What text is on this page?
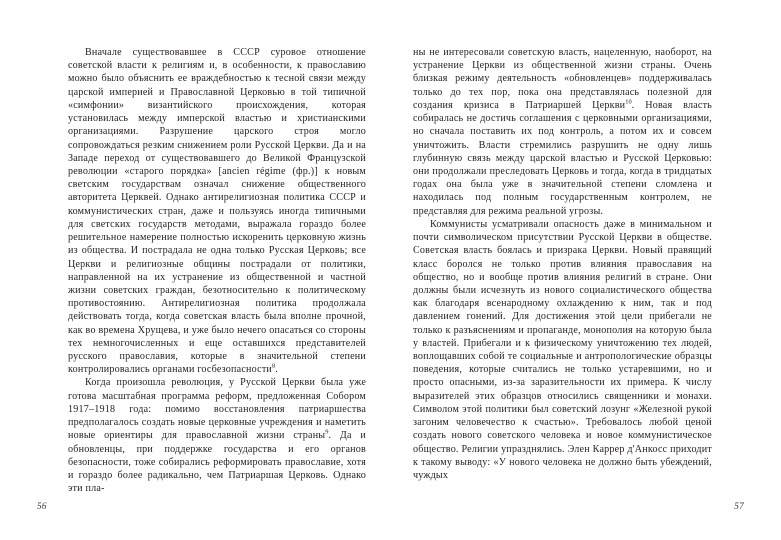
Вначале существовавшее в СССР суровое отношение советской власти к религиям и, в особенности, к православию можно было объяснить ее враждебностью к тесной связи между царской империей и Православной Церковью в той типичной «симфонии» византийского происхождения, которая установилась между имперской властью и христианскими организациями. Разрушение царского строя могло сопровождаться резким снижением роли Русской Церкви. Да и на Западе переход от существовавшего до Великой Французской революции «старого порядка» [ancien régime (фр.)] к новым светским государствам означал снижение общественного авторитета Церквей. Однако антирелигиозная политика СССР и коммунистических стран, даже и пользуясь иногда типичными для светских государств методами, выражала гораздо более решительное намерение полностью искоренить церковную жизнь из общества. И пострадала не одна только Русская Церковь; все Церкви и религиозные общины пострадали от политики, направленной на их устранение из общественной и частной жизни советских граждан, безотносительно к политическому противостоянию. Антирелигиозная политика продолжала действовать тогда, когда советская власть была вполне прочной, как во времена Хрущева, и уже было нечего опасаться со стороны тех немногочисленных и еще оставшихся представителей русского православия, которые в значительной степени контролировались органами госбезопасности$^8$.

Когда произошла революция, у Русской Церкви была уже готова масштабная программа реформ, предложенная Собором 1917–1918 года: помимо восстановления патриаршества предполагалось создать новые церковные учреждения и наметить новые ориентиры для православной жизни страны$^9$. Да и обновленцы, при поддержке государства и его органов безопасности, тоже собирались реформировать православие, хотя и гораздо более радикально, чем Патриаршая Церковь. Однако эти пла-

56

ны не интересовали советскую власть, нацеленную, наоборот, на устранение Церкви из общественной жизни страны. Очень близкая режиму деятельность «обновленцев» поддерживалась только до тех пор, пока она представлялась полезной для создания кризиса в Патриаршей Церкви$^{10}$. Новая власть собиралась не достичь соглашения с церковными организациями, но сначала поставить их под контроль, а потом их и совсем уничтожить. Власти стремились разрушить не одну лишь глубинную связь между царской властью и Русской Церковью: они продолжали преследовать Церковь и тогда, когда в тридцатых годах она была уже в значительной степени сломлена и находилась под полным государственным контролем, не представляя для режима реальной угрозы.

Коммунисты усматривали опасность даже в минимальном и почти символическом присутствии Русской Церкви в обществе. Советская власть боялась и призрака Церкви. Новый правящий класс боролся не только против влияния православия на общество, но и вообще против влияния религий в стране. Они должны были исчезнуть из нового социалистического общества как благодаря всенародному охлаждению к ним, так и под давлением гонений. Для достижения этой цели прибегали не только к разъяснениям и пропаганде, монополия на которую была у властей. Прибегали и к физическому уничтожению тех людей, воплощавших собой те социальные и антропологические образцы поведения, которые считались не только устаревшими, но и просто опасными, из-за заразительности их примера. К числу выразителей этих образцов относились священники и монахи. Символом этой политики был советский лозунг «Железной рукой загоним человечество к счастью». Требовалось любой ценой создать нового советского человека и новое коммунистическое общество. Религии упразднялись. Элен Каррер д'Анкосс приходит к такому выводу: «У нового человека не должно быть убеждений, чуждых

57
